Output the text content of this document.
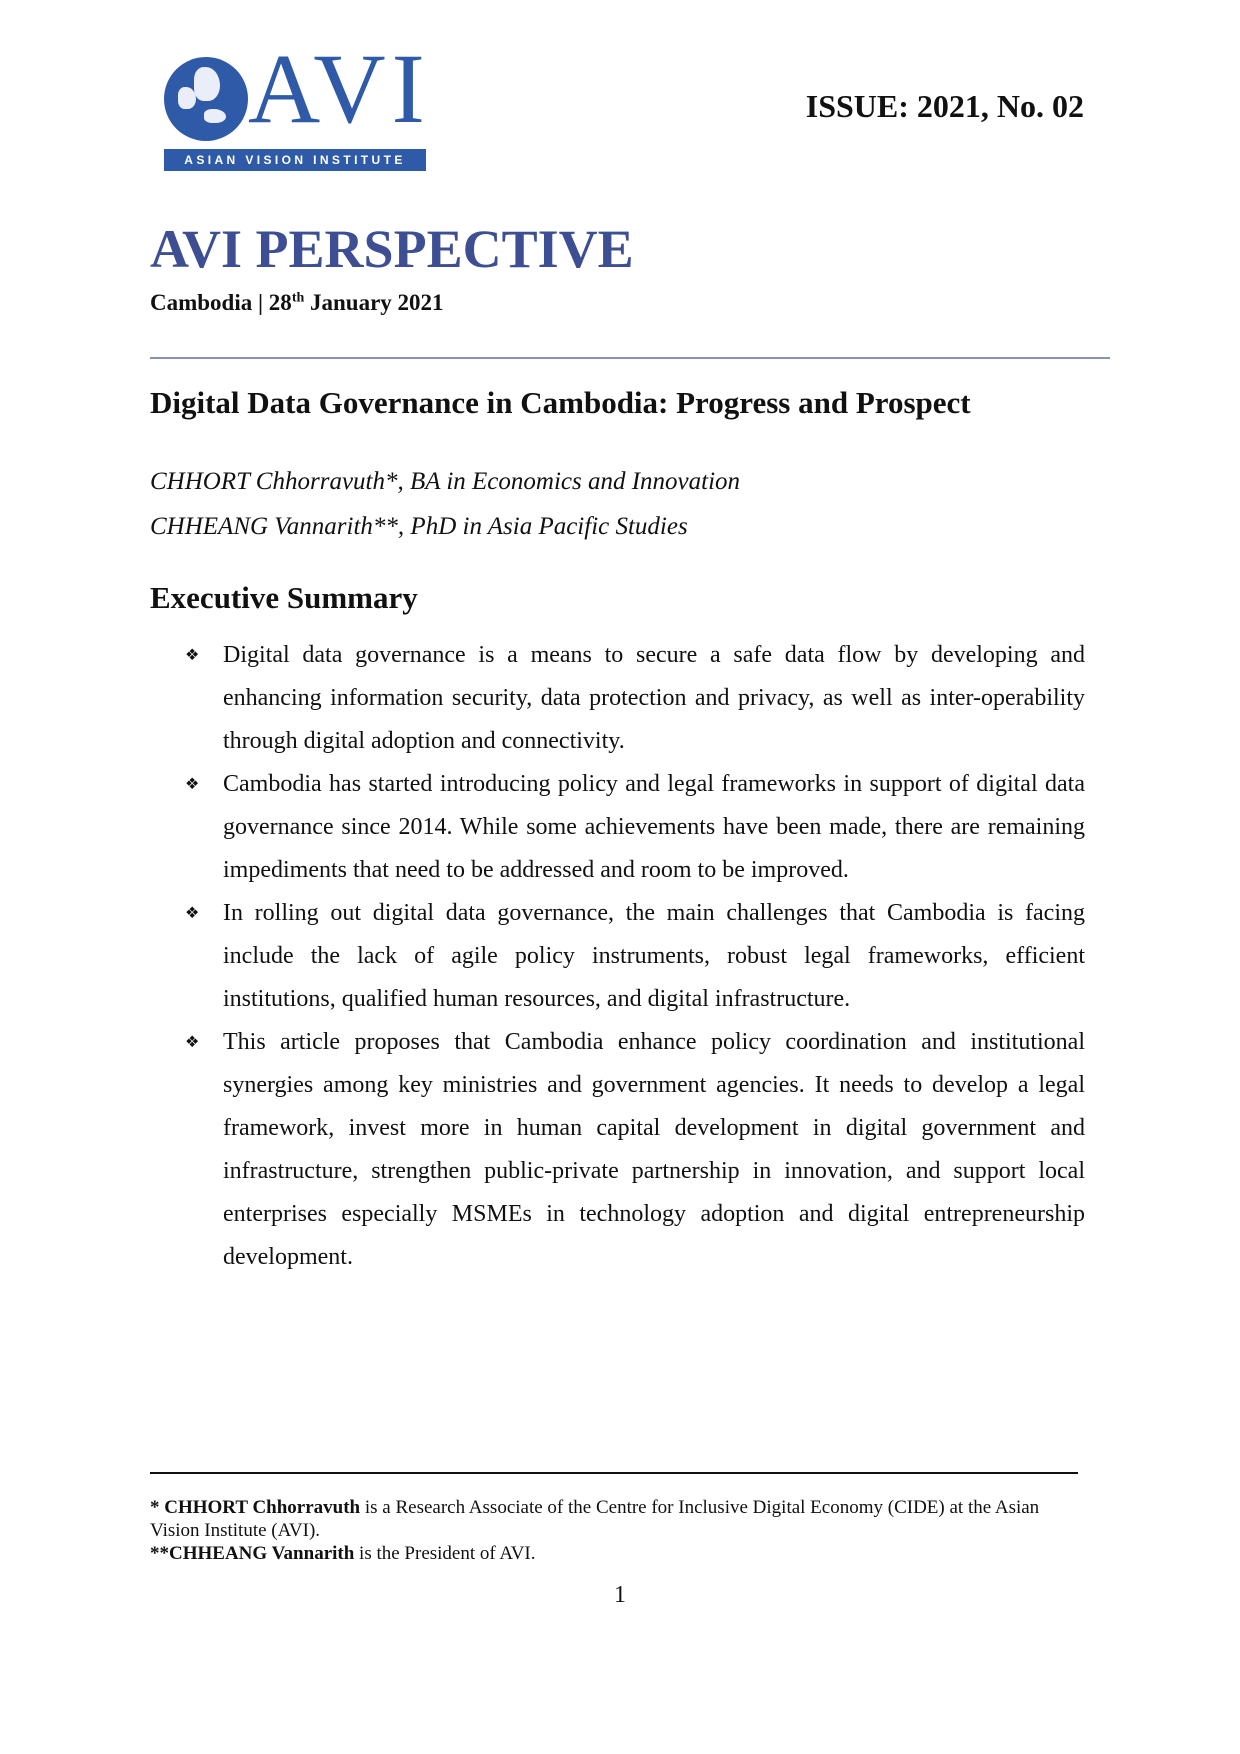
AVI
ASIAN VISION INSTITUTE
ISSUE: 2021, No. 02
AVI PERSPECTIVE
Cambodia | 28th January 2021
Digital Data Governance in Cambodia: Progress and Prospect
CHHORT Chhorravuth*, BA in Economics and Innovation
CHHEANG Vannarith**, PhD in Asia Pacific Studies
Executive Summary
❖ Digital data governance is a means to secure a safe data flow by developing and enhancing information security, data protection and privacy, as well as inter-operability through digital adoption and connectivity.
❖ Cambodia has started introducing policy and legal frameworks in support of digital data governance since 2014. While some achievements have been made, there are remaining impediments that need to be addressed and room to be improved.
❖ In rolling out digital data governance, the main challenges that Cambodia is facing include the lack of agile policy instruments, robust legal frameworks, efficient institutions, qualified human resources, and digital infrastructure.
❖ This article proposes that Cambodia enhance policy coordination and institutional synergies among key ministries and government agencies. It needs to develop a legal framework, invest more in human capital development in digital government and infrastructure, strengthen public-private partnership in innovation, and support local enterprises especially MSMEs in technology adoption and digital entrepreneurship development.
* CHHORT Chhorravuth is a Research Associate of the Centre for Inclusive Digital Economy (CIDE) at the Asian Vision Institute (AVI).
**CHHEANG Vannarith is the President of AVI.
1
